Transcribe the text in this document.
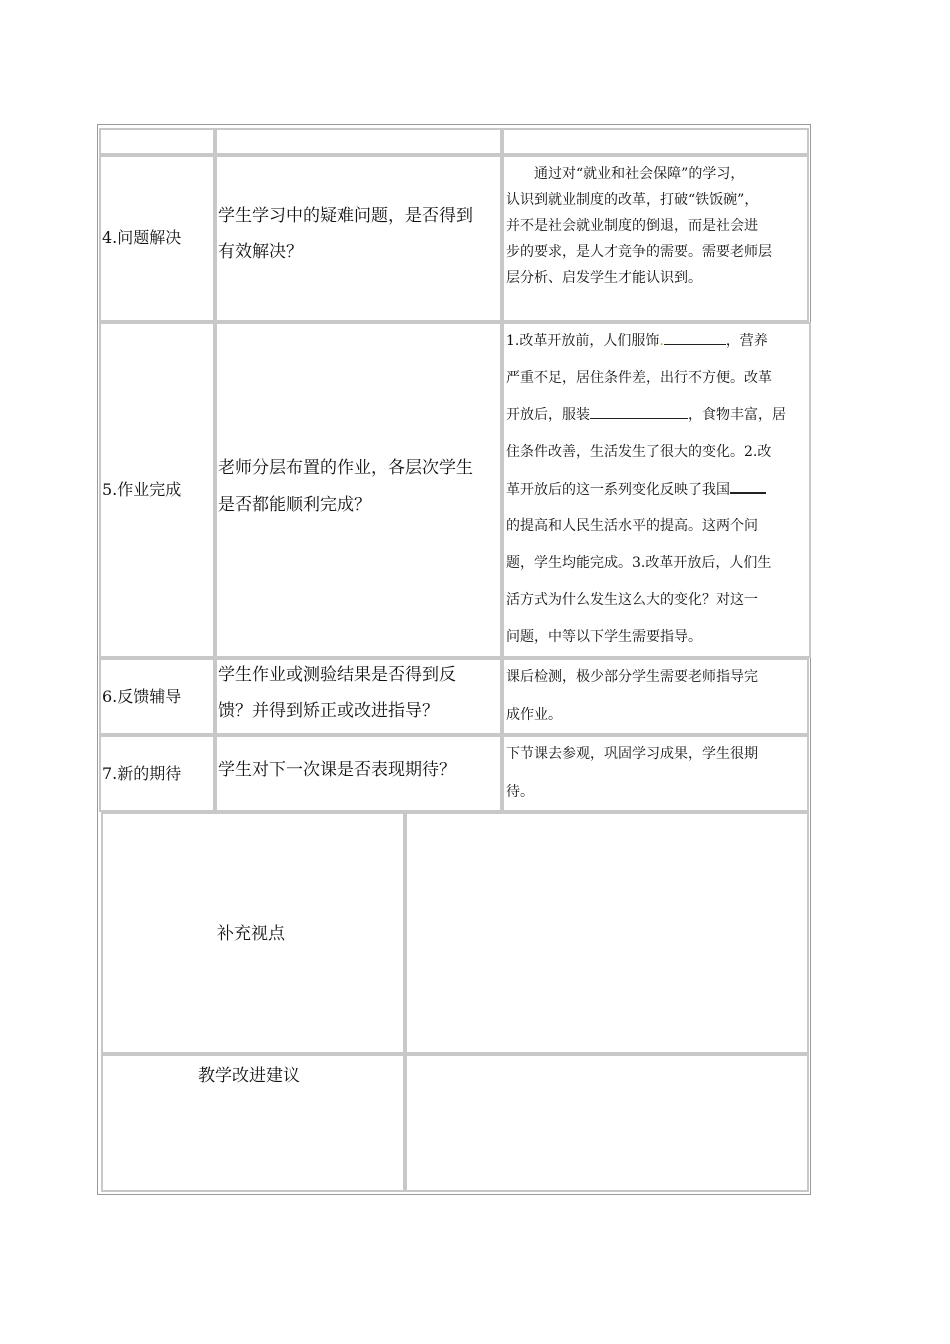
4.问题解决
学生学习中的疑难问题，是否得到
有效解决？
　　通过对“就业和社会保障”的学习，
认识到就业制度的改革，打破“铁饭碗”，
并不是社会就业制度的倒退，而是社会进
步的要求，是人才竞争的需要。需要老师层
层分析、启发学生才能认识到。
5.作业完成
老师分层布置的作业，各层次学生
是否都能顺利完成？
1.改革开放前，人们服饰.	，营养
严重不足，居住条件差，出行不方便。改革
开放后，服装	，食物丰富，居
住条件改善，生活发生了很大的变化。2.改
革开放后的这一系列变化反映了我国
的提高和人民生活水平的提高。这两个问
题，学生均能完成。3.改革开放后，人们生
活方式为什么发生这么大的变化？对这一
问题，中等以下学生需要指导。
6.反馈辅导
学生作业或测验结果是否得到反
馈？并得到矫正或改进指导？
课后检测，极少部分学生需要老师指导完
成作业。
7.新的期待 学生对下一次课是否表现期待？
下节课去参观，巩固学习成果，学生很期
待。
补充视点
教学改进建议
